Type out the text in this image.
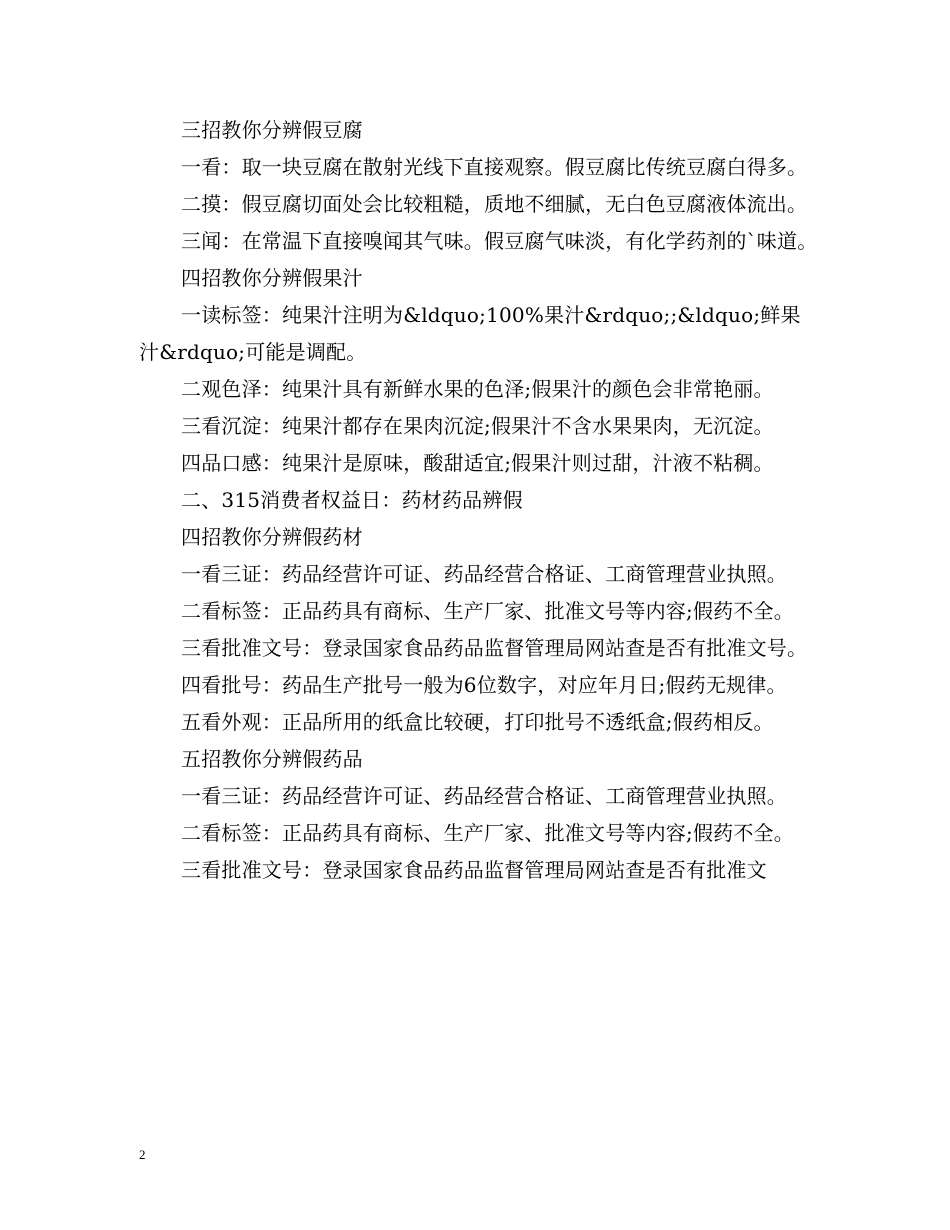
三招教你分辨假豆腐

一看：取一块豆腐在散射光线下直接观察。假豆腐比传统豆腐白得多。

二摸：假豆腐切面处会比较粗糙，质地不细腻，无白色豆腐液体流出。

三闻：在常温下直接嗅闻其气味。假豆腐气味淡，有化学药剂的`味道。

四招教你分辨假果汁

一读标签：纯果汁注明为&ldquo;100%果汁&rdquo;;&ldquo;鲜果汁&rdquo;可能是调配。

二观色泽：纯果汁具有新鲜水果的色泽;假果汁的颜色会非常艳丽。

三看沉淀：纯果汁都存在果肉沉淀;假果汁不含水果果肉，无沉淀。

四品口感：纯果汁是原味，酸甜适宜;假果汁则过甜，汁液不粘稠。

二、315消费者权益日：药材药品辨假

四招教你分辨假药材

一看三证：药品经营许可证、药品经营合格证、工商管理营业执照。

二看标签：正品药具有商标、生产厂家、批准文号等内容;假药不全。

三看批准文号：登录国家食品药品监督管理局网站查是否有批准文号。

四看批号：药品生产批号一般为6位数字，对应年月日;假药无规律。

五看外观：正品所用的纸盒比较硬，打印批号不透纸盒;假药相反。

五招教你分辨假药品

一看三证：药品经营许可证、药品经营合格证、工商管理营业执照。

二看标签：正品药具有商标、生产厂家、批准文号等内容;假药不全。

三看批准文号：登录国家食品药品监督管理局网站查是否有批准文

2
